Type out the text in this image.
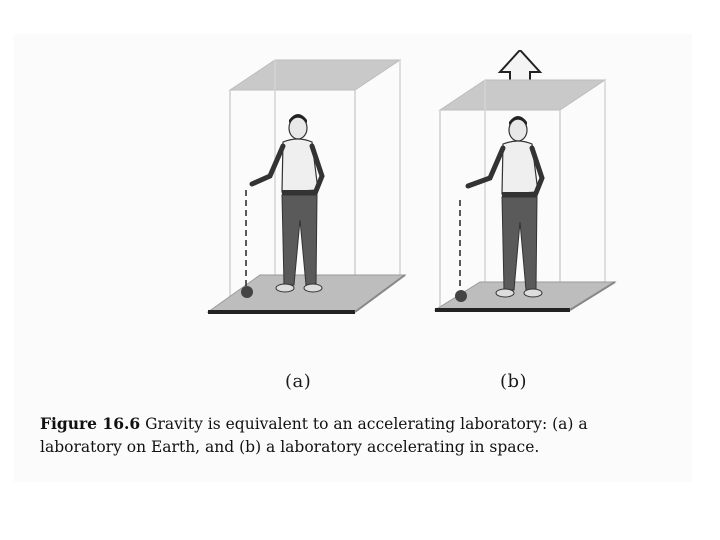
(a)	(b)
Figure 16.6 Gravity is equivalent to an accelerating laboratory: (a) a
laboratory on Earth, and (b) a laboratory accelerating in space.
